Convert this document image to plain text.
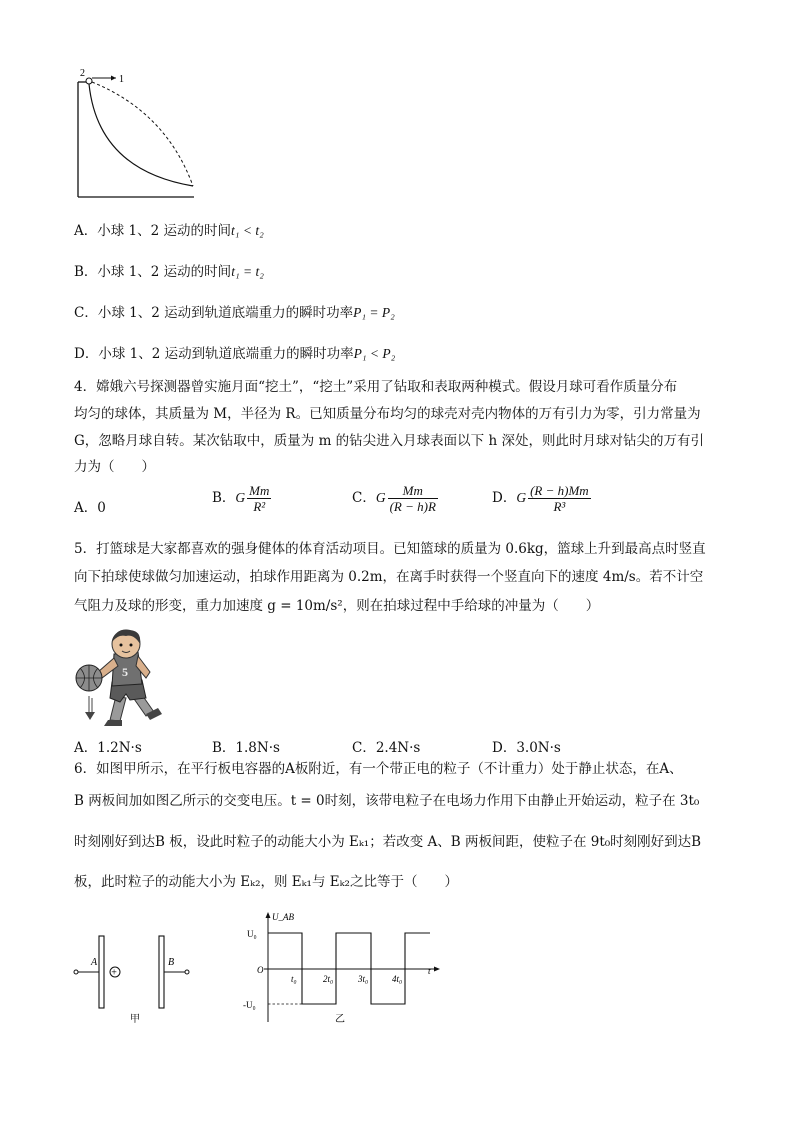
2
1
A．小球 1、2 运动的时间t₁ < t₂
B．小球 1、2 运动的时间t₁ = t₂
C．小球 1、2 运动到轨道底端重力的瞬时功率P₁ = P₂
D．小球 1、2 运动到轨道底端重力的瞬时功率P₁ < P₂
4．嫦娥六号探测器曾实施月面“挖土”，“挖土”采用了钻取和表取两种模式。假设月球可看作质量分布
均匀的球体，其质量为 M，半径为 R。已知质量分布均匀的球壳对壳内物体的万有引力为零，引力常量为
G，忽略月球自转。某次钻取中，质量为 m 的钻尖进入月球表面以下 h 深处，则此时月球对钻尖的万有引
力为（　　）
A．0
B．G $\frac{Mm}{\text{R²}}$	C．G $\frac{Mm}{(R - h)R}$	D．G $\frac{(R - h)Mm}{\text{R³}}$
5．打篮球是大家都喜欢的强身健体的体育活动项目。已知篮球的质量为 0.6kg，篮球上升到最高点时竖直
向下拍球使球做匀加速运动，拍球作用距离为 0.2m，在离手时获得一个竖直向下的速度 4m/s。若不计空
气阻力及球的形变，重力加速度 g = 10m/s²，则在拍球过程中手给球的冲量为（　　）
5
A．1.2N·s	B．1.8N·s	C．2.4N·s	D．3.0N·s
6．如图甲所示，在平行板电容器的A板附近，有一个带正电的粒子（不计重力）处于静止状态，在A、
B 两板间加如图乙所示的交变电压。t = 0时刻，该带电粒子在电场力作用下由静止开始运动，粒子在 3t₀
时刻刚好到达B 板，设此时粒子的动能大小为 Eₖ₁；若改变 A、B 两板间距，使粒子在 9t₀时刻刚好到达B
板，此时粒子的动能大小为 Eₖ₂，则 Eₖ₁与 Eₖ₂之比等于（　　）
+
A	B
甲
U_AB
U₀
O
-U₀
t₀	2t₀	3t₀	4t₀
t
乙
